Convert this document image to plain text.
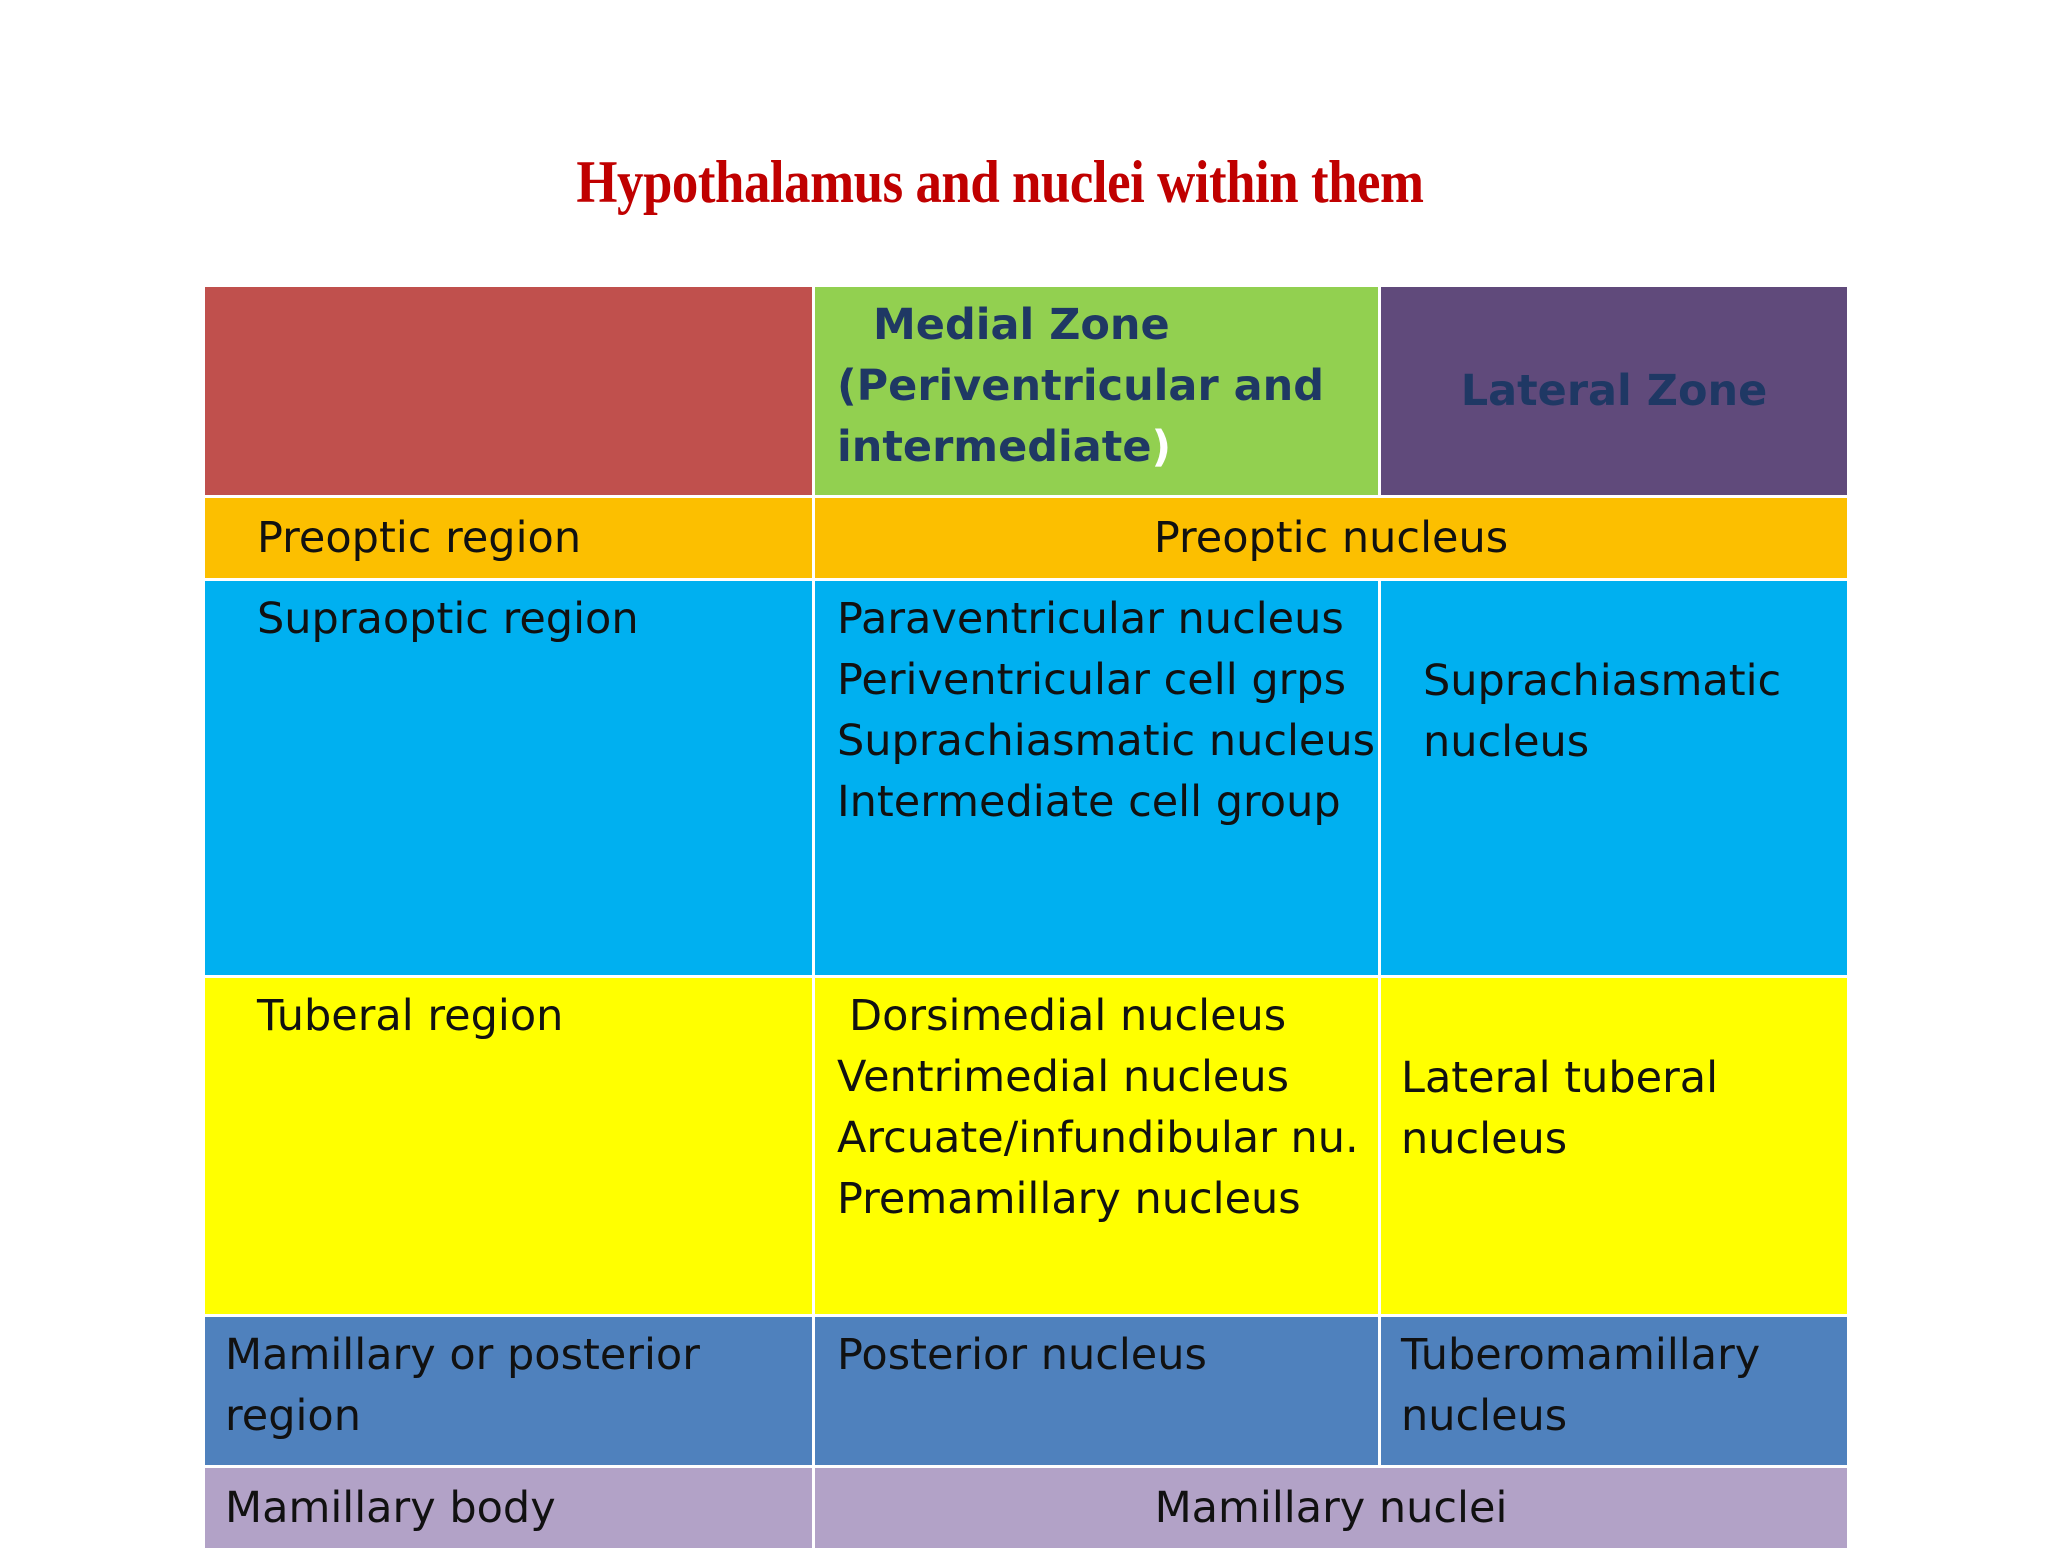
Hypothalamus and nuclei within them

	Medial Zone
(Periventricular and
intermediate)	Lateral Zone
Preoptic region	Preoptic nucleus	
Supraoptic region	Paraventricular nucleus
Periventricular cell grps
Suprachiasmatic nucleus
Intermediate cell group	Suprachiasmatic
nucleus

Tuberal region	Dorsimedial nucleus
Ventrimedial nucleus
Arcuate/infundibular nu.
Premamillary nucleus	Lateral tuberal
nucleus

Mamillary or posterior
region	Posterior nucleus	Tuberomamillary
nucleus

Mamillary body	Mamillary nuclei	
